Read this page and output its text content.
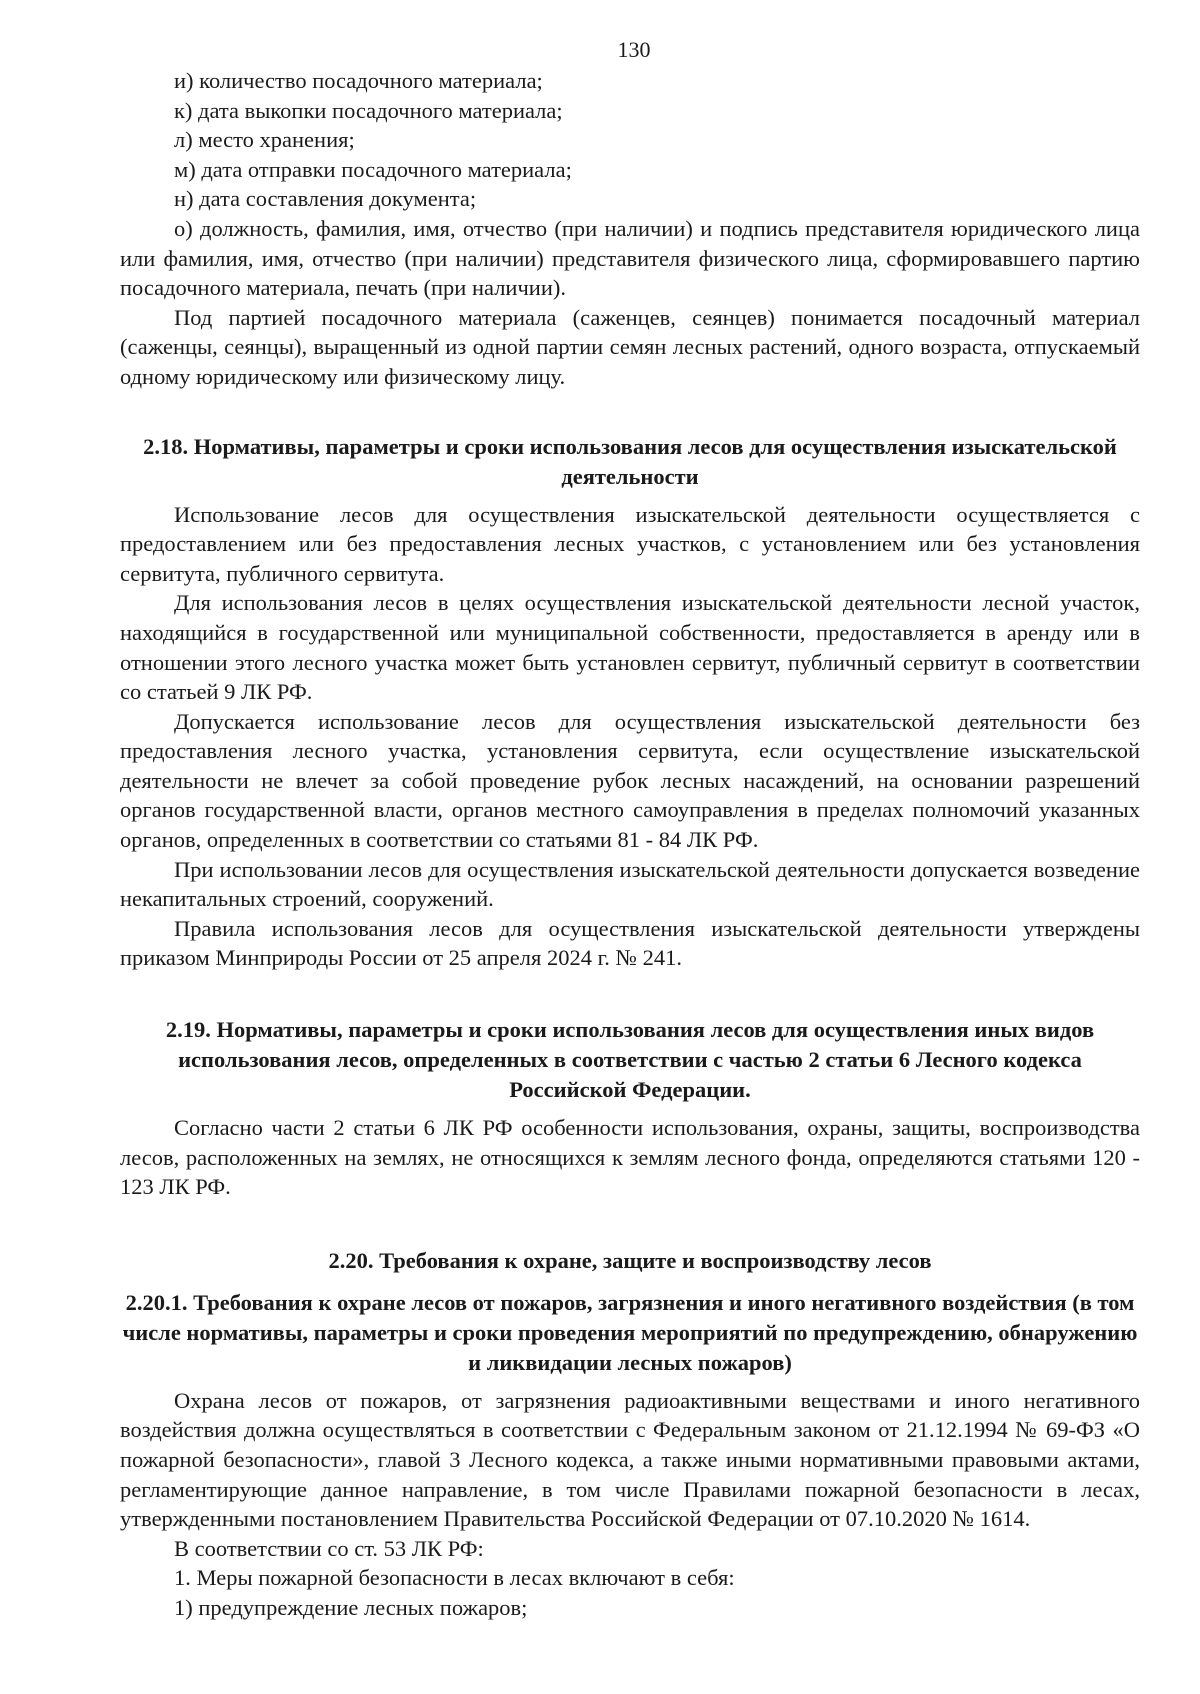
130

и) количество посадочного материала;

к) дата выкопки посадочного материала;

л) место хранения;

м) дата отправки посадочного материала;

н) дата составления документа;

о) должность, фамилия, имя, отчество (при наличии) и подпись представителя юридического лица или фамилия, имя, отчество (при наличии) представителя физического лица, сформировавшего партию посадочного материала, печать (при наличии).

Под партией посадочного материала (саженцев, сеянцев) понимается посадочный материал (саженцы, сеянцы), выращенный из одной партии семян лесных растений, одного возраста, отпускаемый одному юридическому или физическому лицу.

2.18. Нормативы, параметры и сроки использования лесов для осуществления изыскательской деятельности

Использование лесов для осуществления изыскательской деятельности осуществляется с предоставлением или без предоставления лесных участков, с установлением или без установления сервитута, публичного сервитута.

Для использования лесов в целях осуществления изыскательской деятельности лесной участок, находящийся в государственной или муниципальной собственности, предоставляется в аренду или в отношении этого лесного участка может быть установлен сервитут, публичный сервитут в соответствии со статьей 9 ЛК РФ.

Допускается использование лесов для осуществления изыскательской деятельности без предоставления лесного участка, установления сервитута, если осуществление изыскательской деятельности не влечет за собой проведение рубок лесных насаждений, на основании разрешений органов государственной власти, органов местного самоуправления в пределах полномочий указанных органов, определенных в соответствии со статьями 81 - 84 ЛК РФ.

При использовании лесов для осуществления изыскательской деятельности допускается возведение некапитальных строений, сооружений.

Правила использования лесов для осуществления изыскательской деятельности утверждены приказом Минприроды России от 25 апреля 2024 г. № 241.

2.19. Нормативы, параметры и сроки использования лесов для осуществления иных видов использования лесов, определенных в соответствии с частью 2 статьи 6 Лесного кодекса Российской Федерации.

Согласно части 2 статьи 6 ЛК РФ особенности использования, охраны, защиты, воспроизводства лесов, расположенных на землях, не относящихся к землям лесного фонда, определяются статьями 120 - 123 ЛК РФ.

2.20. Требования к охране, защите и воспроизводству лесов
2.20.1. Требования к охране лесов от пожаров, загрязнения и иного негативного воздействия (в том числе нормативы, параметры и сроки проведения мероприятий по предупреждению, обнаружению и ликвидации лесных пожаров)

Охрана лесов от пожаров, от загрязнения радиоактивными веществами и иного негативного воздействия должна осуществляться в соответствии с Федеральным законом от 21.12.1994 № 69-ФЗ «О пожарной безопасности», главой 3 Лесного кодекса, а также иными нормативными правовыми актами, регламентирующие данное направление, в том числе Правилами пожарной безопасности в лесах, утвержденными постановлением Правительства Российской Федерации от 07.10.2020 № 1614.

В соответствии со ст. 53 ЛК РФ:

1. Меры пожарной безопасности в лесах включают в себя:

1) предупреждение лесных пожаров;
